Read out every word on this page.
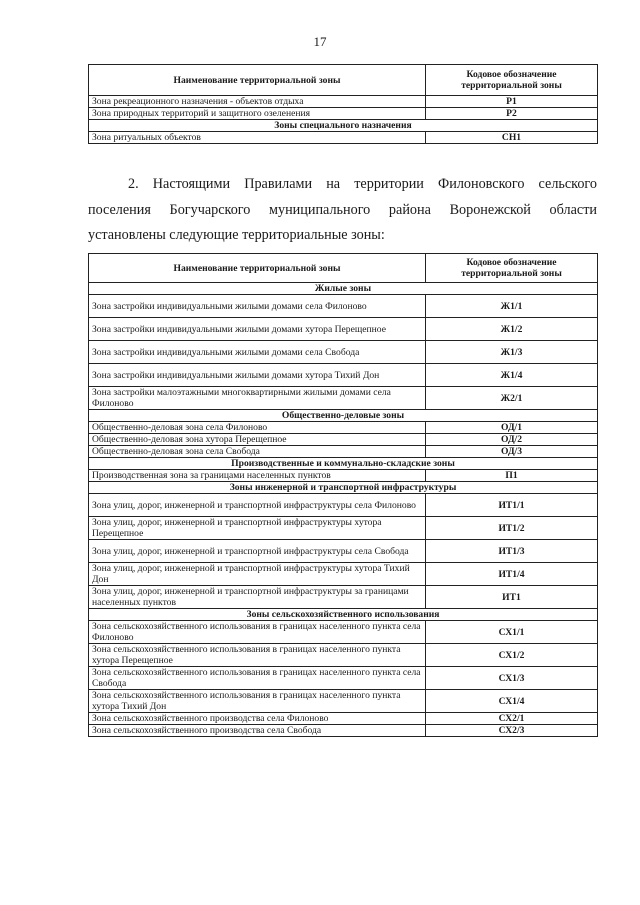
17
Наименование территориальной зоны	Кодовое обозначение территориальной зоны
Зона рекреационного назначения - объектов отдыха	Р1
Зона природных территорий и защитного озеленения	Р2
Зоны специального назначения	
Зона ритуальных объектов	СН1
2. Настоящими Правилами на территории Филоновского сельского поселения Богучарского муниципального района Воронежской области установлены следующие территориальные зоны:
Наименование территориальной зоны	Кодовое обозначение территориальной зоны
Жилые зоны	
Зона застройки индивидуальными жилыми домами села Филоново	Ж1/1
Зона застройки индивидуальными жилыми домами хутора Перещепное	Ж1/2
Зона застройки индивидуальными жилыми домами села Свобода	Ж1/3
Зона застройки индивидуальными жилыми домами хутора Тихий Дон	Ж1/4
Зона застройки малоэтажными многоквартирными жилыми домами села Филоново	Ж2/1
Общественно-деловые зоны	
Общественно-деловая зона села Филоново	ОД/1
Общественно-деловая зона хутора Перещепное	ОД/2
Общественно-деловая зона села Свобода	ОД/3
Производственные и коммунально-складские зоны	
Производственная зона за границами населенных пунктов	П1
Зоны инженерной и транспортной инфраструктуры	
Зона улиц, дорог, инженерной и транспортной инфраструктуры села Филоново	ИТ1/1
Зона улиц, дорог, инженерной и транспортной инфраструктуры хутора Перещепное	ИТ1/2
Зона улиц, дорог, инженерной и транспортной инфраструктуры села Свобода	ИТ1/3
Зона улиц, дорог, инженерной и транспортной инфраструктуры хутора Тихий Дон	ИТ1/4
Зона улиц, дорог, инженерной и транспортной инфраструктуры за границами населенных пунктов	ИТ1
Зоны сельскохозяйственного использования	
Зона сельскохозяйственного использования в границах населенного пункта села Филоново	СХ1/1
Зона сельскохозяйственного использования в границах населенного пункта хутора Перещепное	СХ1/2
Зона сельскохозяйственного использования в границах населенного пункта села Свобода	СХ1/3
Зона сельскохозяйственного использования в границах населенного пункта хутора Тихий Дон	СХ1/4
Зона сельскохозяйственного производства села Филоново	СХ2/1
Зона сельскохозяйственного производства села Свобода	СХ2/3
